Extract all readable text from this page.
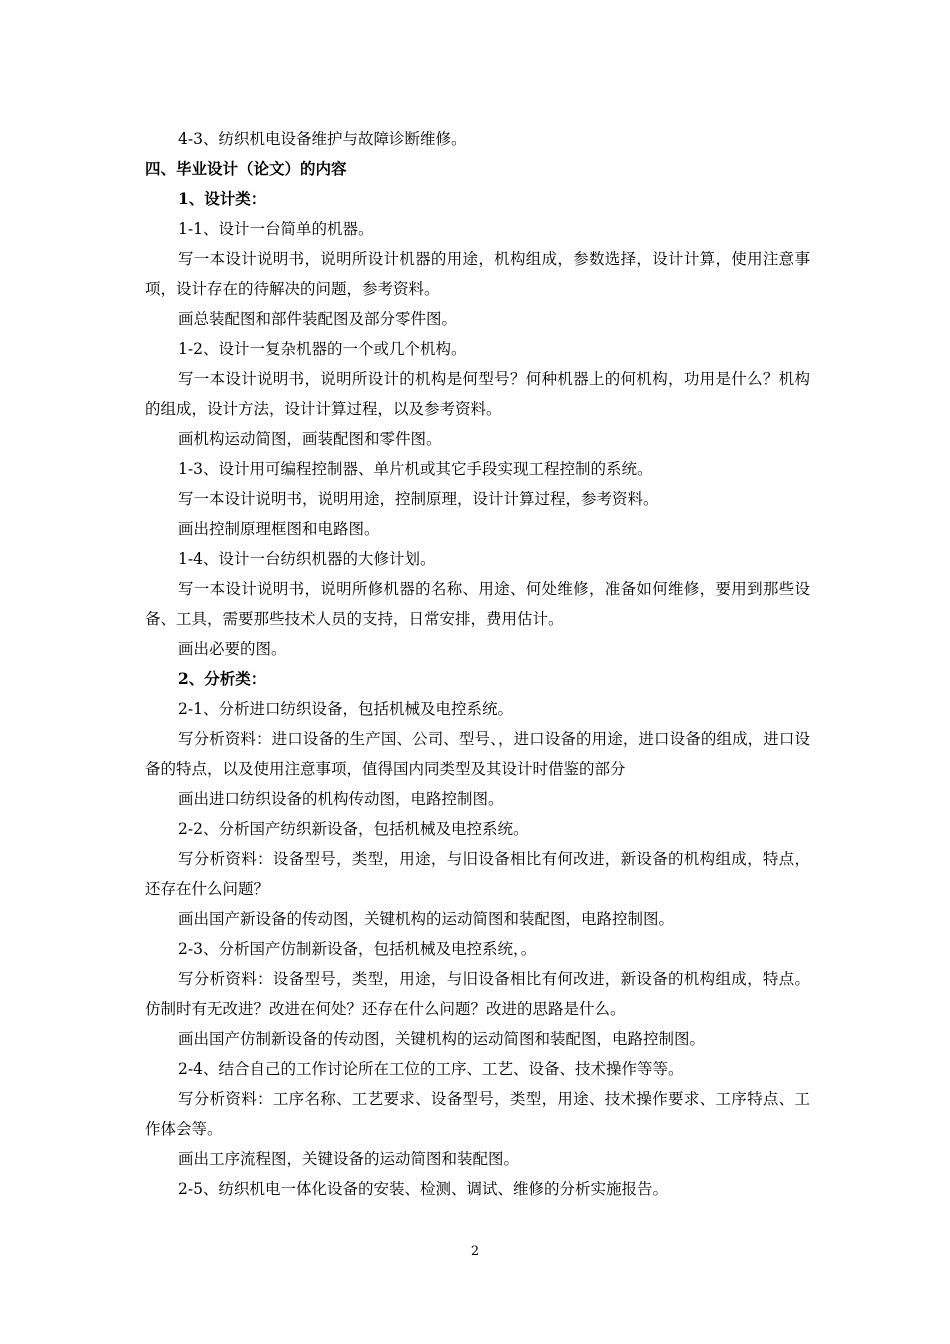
4-3、纺织机电设备维护与故障诊断维修。
四、毕业设计（论文）的内容
1、设计类：
1-1、设计一台简单的机器。
写一本设计说明书，说明所设计机器的用途，机构组成，参数选择，设计计算，使用注意事项，设计存在的待解决的问题，参考资料。
画总装配图和部件装配图及部分零件图。
1-2、设计一复杂机器的一个或几个机构。
写一本设计说明书，说明所设计的机构是何型号？何种机器上的何机构，功用是什么？机构的组成，设计方法，设计计算过程，以及参考资料。
画机构运动简图，画装配图和零件图。
1-3、设计用可编程控制器、单片机或其它手段实现工程控制的系统。
写一本设计说明书，说明用途，控制原理，设计计算过程，参考资料。
画出控制原理框图和电路图。
1-4、设计一台纺织机器的大修计划。
写一本设计说明书，说明所修机器的名称、用途、何处维修，准备如何维修，要用到那些设备、工具，需要那些技术人员的支持，日常安排，费用估计。
画出必要的图。
2、分析类：
2-1、分析进口纺织设备，包括机械及电控系统。
写分析资料：进口设备的生产国、公司、型号、，进口设备的用途，进口设备的组成，进口设备的特点，以及使用注意事项，值得国内同类型及其设计时借鉴的部分
画出进口纺织设备的机构传动图，电路控制图。
2-2、分析国产纺织新设备，包括机械及电控系统。
写分析资料：设备型号，类型，用途，与旧设备相比有何改进，新设备的机构组成，特点，还存在什么问题？
画出国产新设备的传动图，关键机构的运动简图和装配图，电路控制图。
2-3、分析国产仿制新设备，包括机械及电控系统，。
写分析资料：设备型号，类型，用途，与旧设备相比有何改进，新设备的机构组成，特点。仿制时有无改进？改进在何处？还存在什么问题？改进的思路是什么。
画出国产仿制新设备的传动图，关键机构的运动简图和装配图，电路控制图。
2-4、结合自己的工作讨论所在工位的工序、工艺、设备、技术操作等等。
写分析资料：工序名称、工艺要求、设备型号，类型，用途、技术操作要求、工序特点、工作体会等。
画出工序流程图，关键设备的运动简图和装配图。
2-5、纺织机电一体化设备的安装、检测、调试、维修的分析实施报告。
2
